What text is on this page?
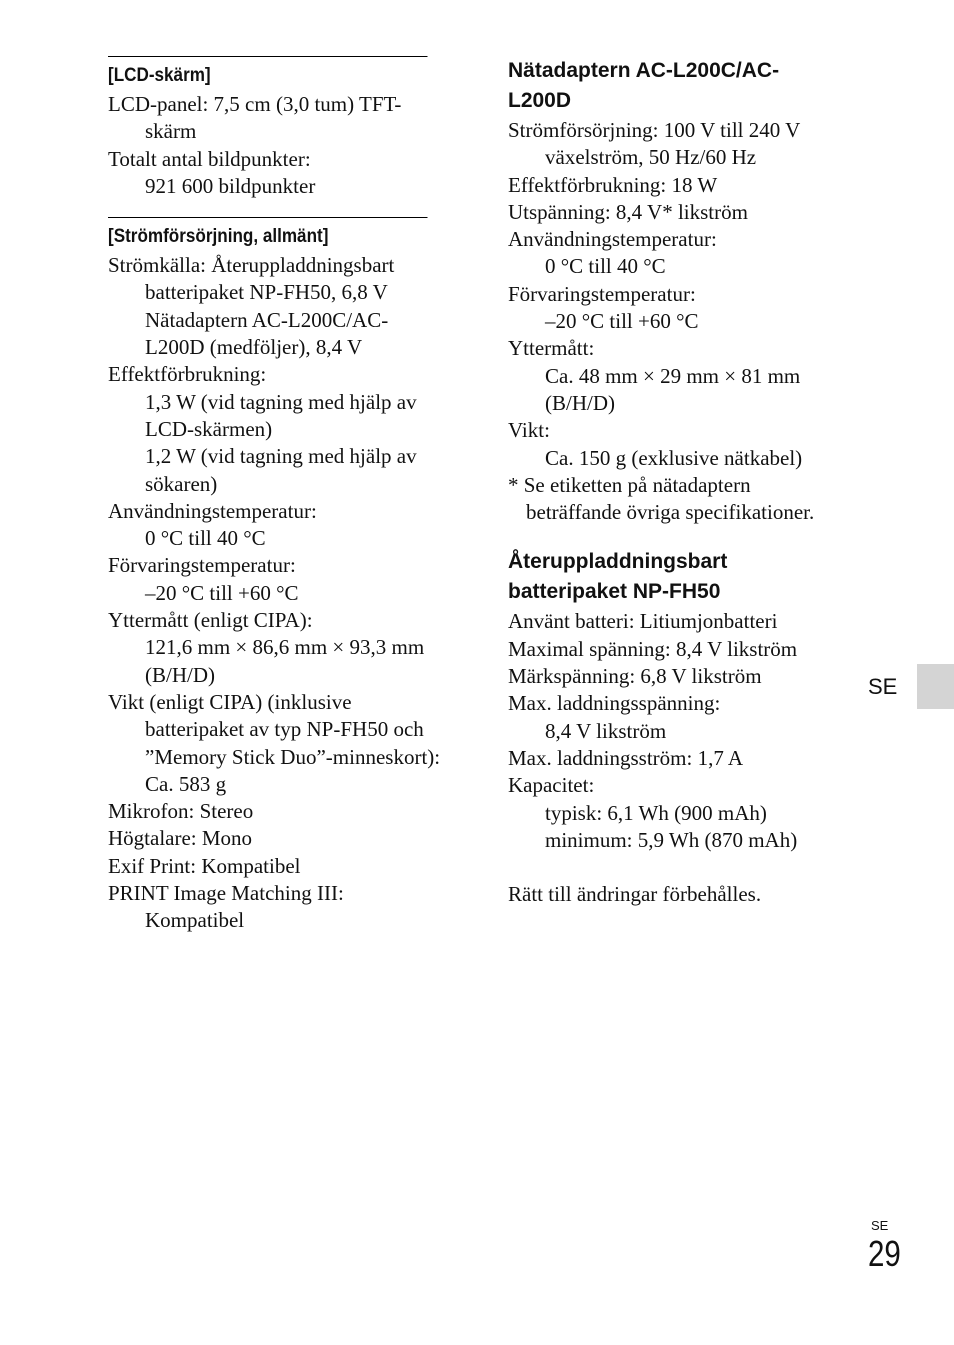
[LCD-skärm]
LCD-panel: 7,5 cm (3,0 tum) TFT-
skärm
Totalt antal bildpunkter:
921 600 bildpunkter
[Strömförsörjning, allmänt]
Strömkälla: Återuppladdningsbart
batteripaket NP-FH50, 6,8 V
Nätadaptern AC-L200C/AC-
L200D (medföljer), 8,4 V
Effektförbrukning:
1,3 W (vid tagning med hjälp av
LCD-skärmen)
1,2 W (vid tagning med hjälp av
sökaren)
Användningstemperatur:
0 °C till 40 °C
Förvaringstemperatur:
–20 °C till +60 °C
Yttermått (enligt CIPA):
121,6 mm × 86,6 mm × 93,3 mm
(B/H/D)
Vikt (enligt CIPA) (inklusive
batteripaket av typ NP-FH50 och
”Memory Stick Duo”-minneskort):
Ca. 583 g
Mikrofon: Stereo
Högtalare: Mono
Exif Print: Kompatibel
PRINT Image Matching III:
Kompatibel
Nätadaptern AC-L200C/AC-
L200D
Strömförsörjning: 100 V till 240 V
växelström, 50 Hz/60 Hz
Effektförbrukning: 18 W
Utspänning: 8,4 V* likström
Användningstemperatur:
0 °C till 40 °C
Förvaringstemperatur:
–20 °C till +60 °C
Yttermått:
Ca. 48 mm × 29 mm × 81 mm
(B/H/D)
Vikt:
Ca. 150 g (exklusive nätkabel)
* Se etiketten på nätadaptern
beträffande övriga specifikationer.
Återuppladdningsbart
batteripaket NP-FH50
Använt batteri: Litiumjonbatteri
Maximal spänning: 8,4 V likström
Märkspänning: 6,8 V likström
Max. laddningsspänning:
8,4 V likström
Max. laddningsström: 1,7 A
Kapacitet:
typisk: 6,1 Wh (900 mAh)
minimum: 5,9 Wh (870 mAh)
Rätt till ändringar förbehålles.
SE
SE
29
